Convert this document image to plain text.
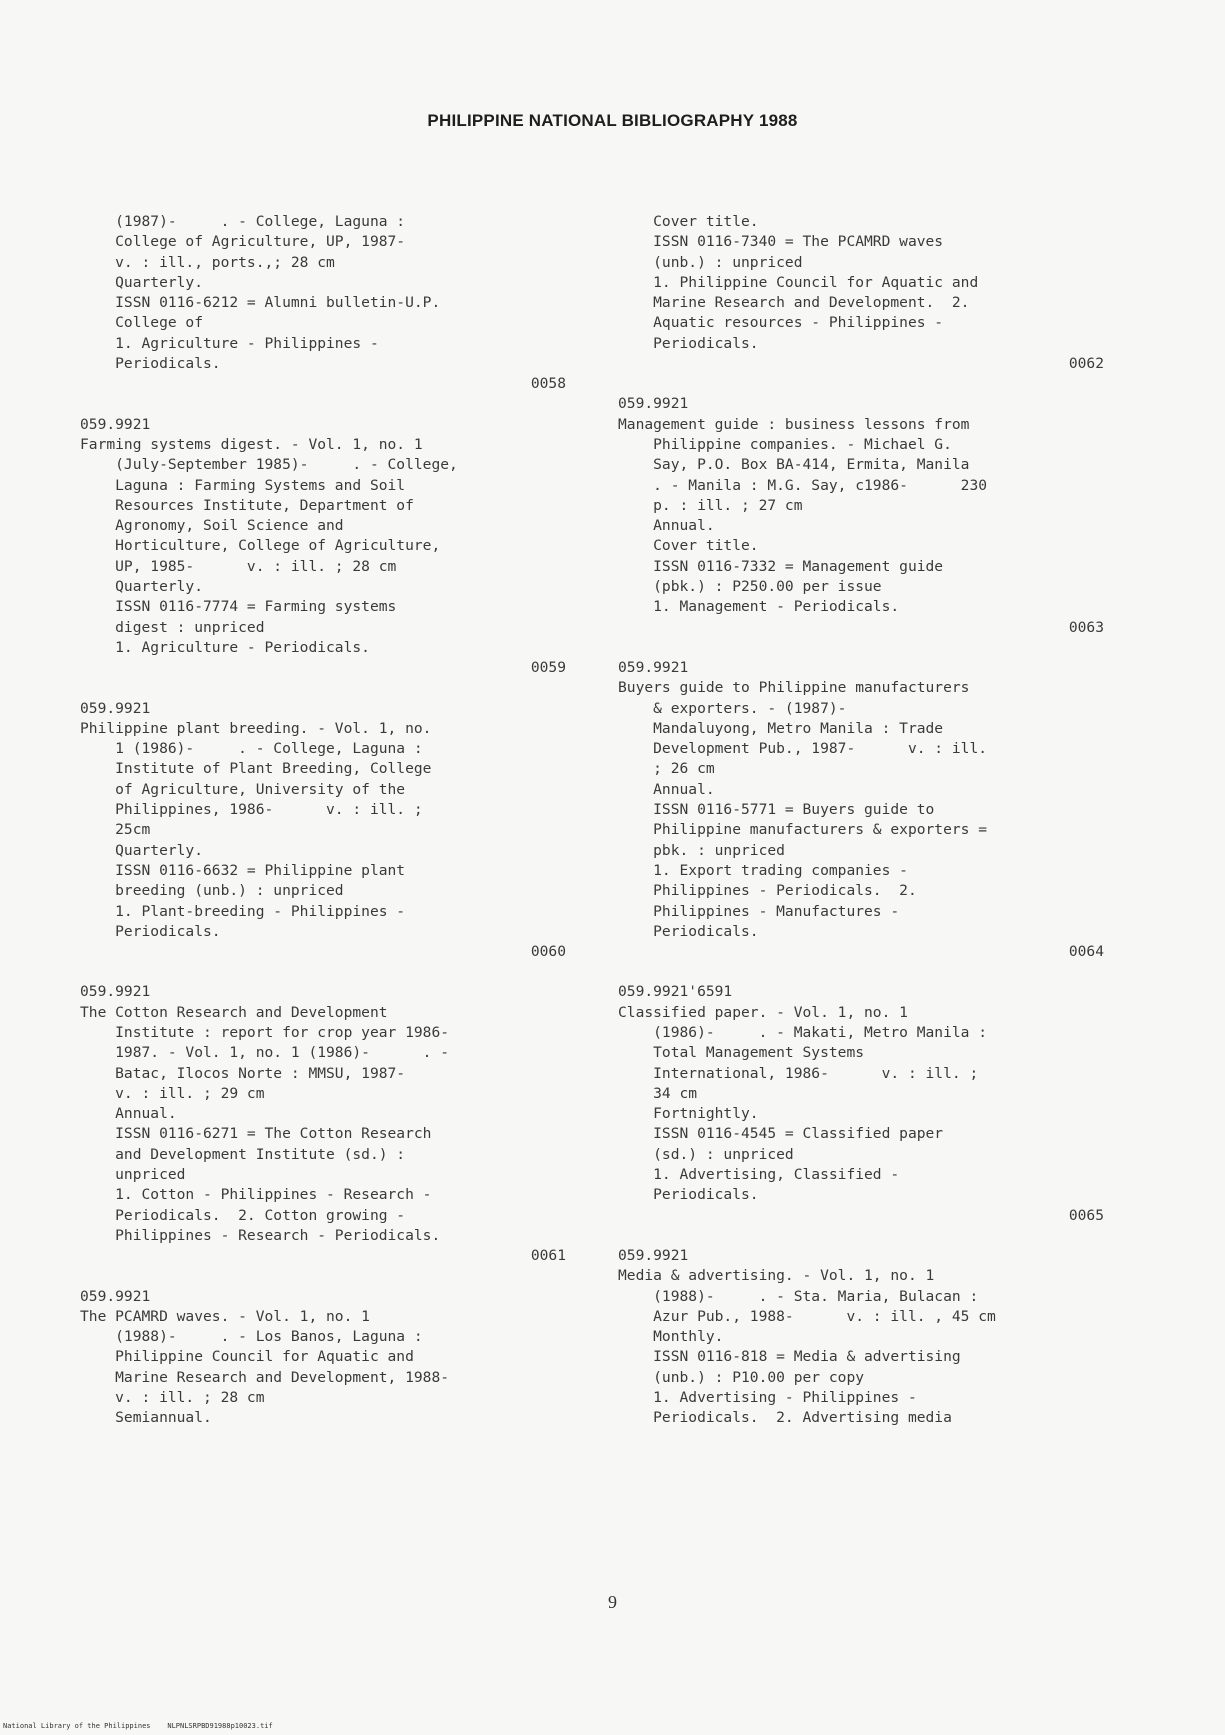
PHILIPPINE NATIONAL BIBLIOGRAPHY 1988
(1987)-     . - College, Laguna :
College of Agriculture, UP, 1987-
v. : ill., ports.,; 28 cm
Quarterly.
ISSN 0116-6212 = Alumni bulletin-U.P.
College of
1. Agriculture - Philippines -
Periodicals.
0058
059.9921
Farming systems digest. - Vol. 1, no. 1
(July-September 1985)-     . - College,
Laguna : Farming Systems and Soil
Resources Institute, Department of
Agronomy, Soil Science and
Horticulture, College of Agriculture,
UP, 1985-      v. : ill. ; 28 cm
Quarterly.
ISSN 0116-7774 = Farming systems
digest : unpriced
1. Agriculture - Periodicals.
0059
059.9921
Philippine plant breeding. - Vol. 1, no.
1 (1986)-     . - College, Laguna :
Institute of Plant Breeding, College
of Agriculture, University of the
Philippines, 1986-      v. : ill. ;
25cm
Quarterly.
ISSN 0116-6632 = Philippine plant
breeding (unb.) : unpriced
1. Plant-breeding - Philippines -
Periodicals.
0060
059.9921
The Cotton Research and Development
Institute : report for crop year 1986-
1987. - Vol. 1, no. 1 (1986)-      . -
Batac, Ilocos Norte : MMSU, 1987-
v. : ill. ; 29 cm
Annual.
ISSN 0116-6271 = The Cotton Research
and Development Institute (sd.) :
unpriced
1. Cotton - Philippines - Research -
Periodicals.  2. Cotton growing -
Philippines - Research - Periodicals.
0061
059.9921
The PCAMRD waves. - Vol. 1, no. 1
(1988)-     . - Los Banos, Laguna :
Philippine Council for Aquatic and
Marine Research and Development, 1988-
v. : ill. ; 28 cm
Semiannual.
Cover title.
ISSN 0116-7340 = The PCAMRD waves
(unb.) : unpriced
1. Philippine Council for Aquatic and
Marine Research and Development.  2.
Aquatic resources - Philippines -
Periodicals.
0062
059.9921
Management guide : business lessons from
Philippine companies. - Michael G.
Say, P.O. Box BA-414, Ermita, Manila
. - Manila : M.G. Say, c1986-      230
p. : ill. ; 27 cm
Annual.
Cover title.
ISSN 0116-7332 = Management guide
(pbk.) : P250.00 per issue
1. Management - Periodicals.
0063
059.9921
Buyers guide to Philippine manufacturers
& exporters. - (1987)-
Mandaluyong, Metro Manila : Trade
Development Pub., 1987-      v. : ill.
; 26 cm
Annual.
ISSN 0116-5771 = Buyers guide to
Philippine manufacturers & exporters =
pbk. : unpriced
1. Export trading companies -
Philippines - Periodicals.  2.
Philippines - Manufactures -
Periodicals.
0064
059.9921'6591
Classified paper. - Vol. 1, no. 1
(1986)-     . - Makati, Metro Manila :
Total Management Systems
International, 1986-      v. : ill. ;
34 cm
Fortnightly.
ISSN 0116-4545 = Classified paper
(sd.) : unpriced
1. Advertising, Classified -
Periodicals.
0065
059.9921
Media & advertising. - Vol. 1, no. 1
(1988)-     . - Sta. Maria, Bulacan :
Azur Pub., 1988-      v. : ill. , 45 cm
Monthly.
ISSN 0116-818 = Media & advertising
(unb.) : P10.00 per copy
1. Advertising - Philippines -
Periodicals.  2. Advertising media
9
National Library of the Philippines    NLPNLSRPBD91988p10023.tif
